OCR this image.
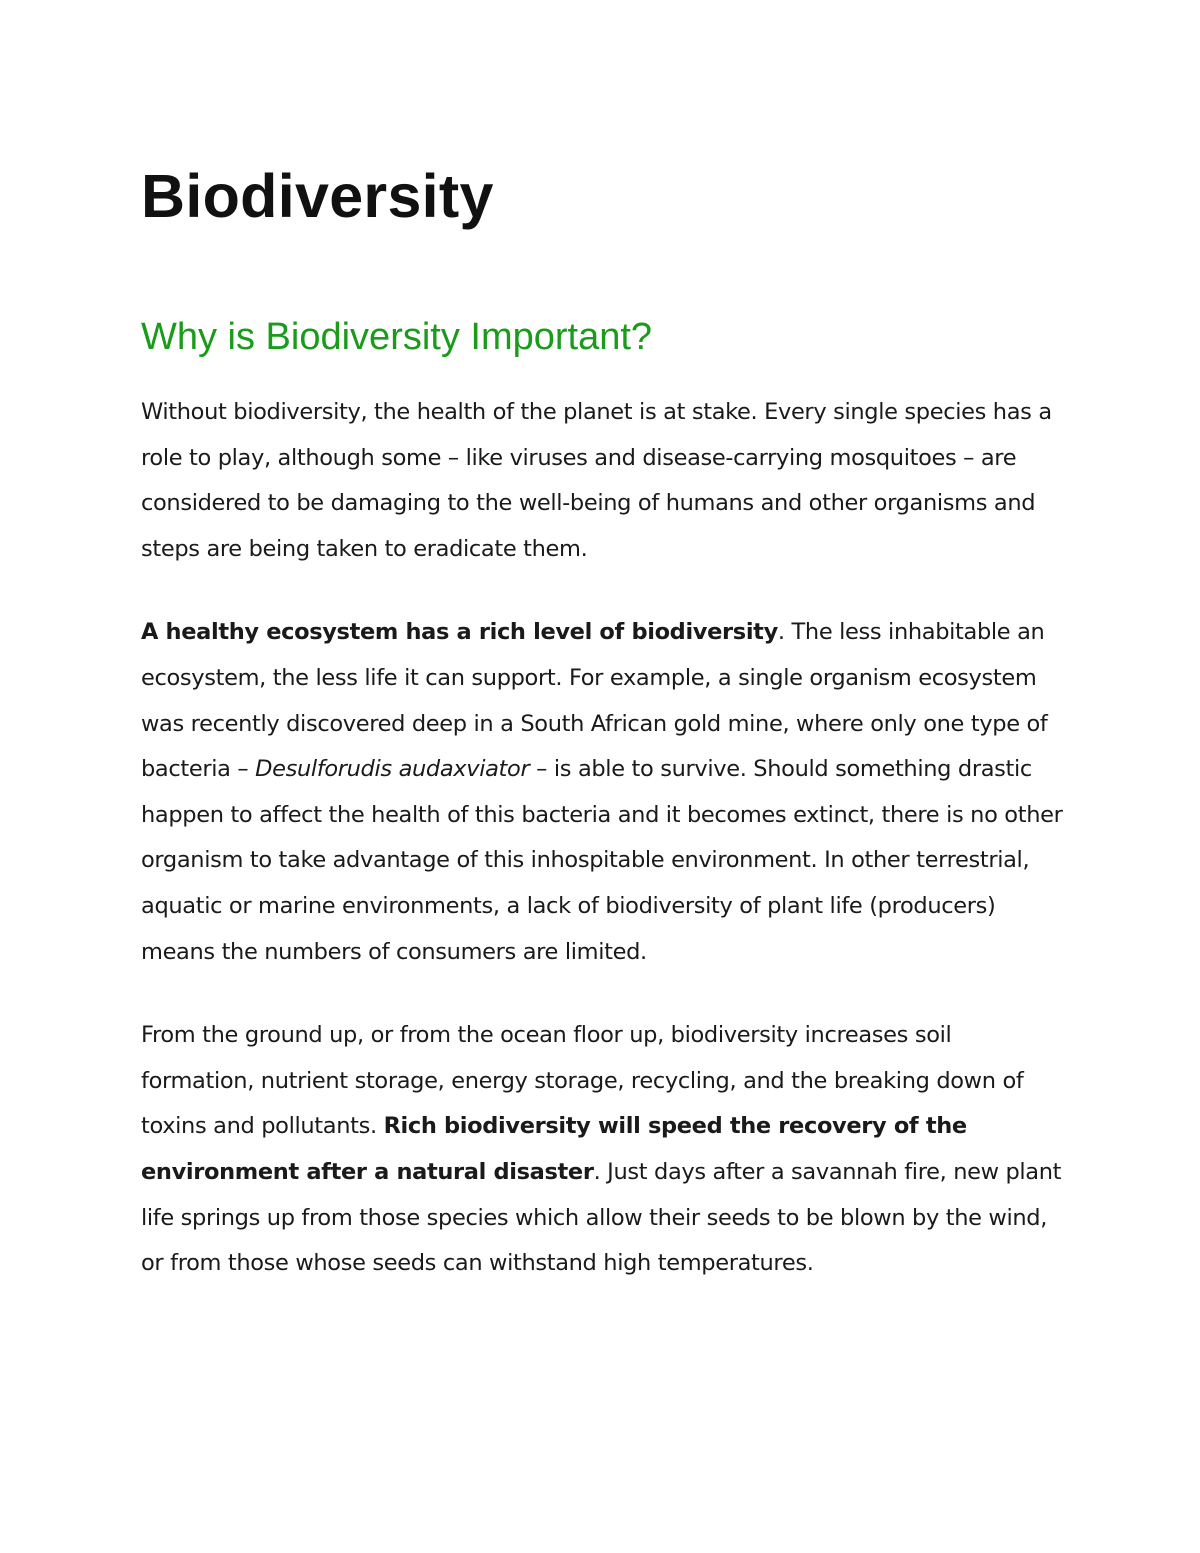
Biodiversity
Why is Biodiversity Important?

Without biodiversity, the health of the planet is at stake. Every single species has a role to play, although some – like viruses and disease-carrying mosquitoes – are considered to be damaging to the well-being of humans and other organisms and steps are being taken to eradicate them.

A healthy ecosystem has a rich level of biodiversity. The less inhabitable an ecosystem, the less life it can support. For example, a single organism ecosystem was recently discovered deep in a South African gold mine, where only one type of bacteria – Desulforudis audaxviator – is able to survive. Should something drastic happen to affect the health of this bacteria and it becomes extinct, there is no other organism to take advantage of this inhospitable environment. In other terrestrial, aquatic or marine environments, a lack of biodiversity of plant life (producers) means the numbers of consumers are limited.

From the ground up, or from the ocean floor up, biodiversity increases soil formation, nutrient storage, energy storage, recycling, and the breaking down of toxins and pollutants. Rich biodiversity will speed the recovery of the environment after a natural disaster. Just days after a savannah fire, new plant life springs up from those species which allow their seeds to be blown by the wind, or from those whose seeds can withstand high temperatures.
